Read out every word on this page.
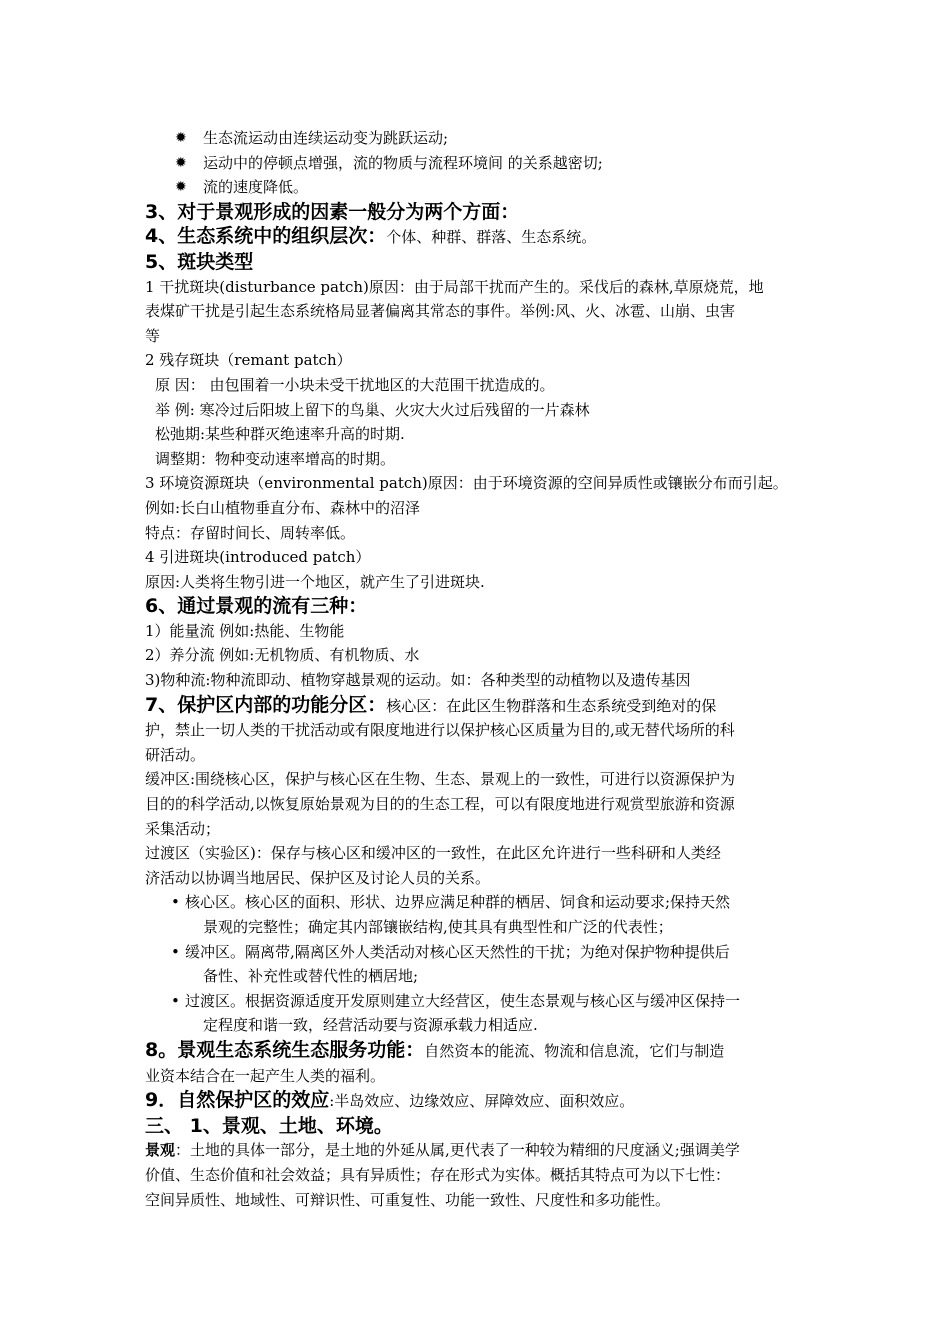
✹	生态流运动由连续运动变为跳跃运动;
✹	运动中的停顿点增强，流的物质与流程环境间 的关系越密切;
✹	流的速度降低。
3、对于景观形成的因素一般分为两个方面：
4、生态系统中的组织层次：个体、种群、群落、生态系统。
5、斑块类型
1 干扰斑块(disturbance patch)原因：由于局部干扰而产生的。采伐后的森林,草原烧荒，地
表煤矿干扰是引起生态系统格局显著偏离其常态的事件。举例:风、火、冰雹、山崩、虫害
等
2 残存斑块（remant patch）
原 因： 由包围着一小块未受干扰地区的大范围干扰造成的。
举 例: 寒冷过后阳坡上留下的鸟巢、火灾大火过后残留的一片森林
松弛期:某些种群灭绝速率升高的时期.
调整期：物种变动速率增高的时期。
3 环境资源斑块（environmental patch)原因：由于环境资源的空间异质性或镶嵌分布而引起。
例如:长白山植物垂直分布、森林中的沼泽
特点：存留时间长、周转率低。
4 引进斑块(introduced patch）
原因:人类将生物引进一个地区，就产生了引进斑块.
6、通过景观的流有三种：
1）能量流 例如:热能、生物能
2）养分流 例如:无机物质、有机物质、水
3)物种流:物种流即动、植物穿越景观的运动。如：各种类型的动植物以及遗传基因
7、保护区内部的功能分区：核心区：在此区生物群落和生态系统受到绝对的保
护，禁止一切人类的干扰活动或有限度地进行以保护核心区质量为目的,或无替代场所的科
研活动。
缓冲区:围绕核心区，保护与核心区在生物、生态、景观上的一致性，可进行以资源保护为
目的的科学活动,以恢复原始景观为目的的生态工程，可以有限度地进行观赏型旅游和资源
采集活动；
过渡区（实验区)：保存与核心区和缓冲区的一致性，在此区允许进行一些科研和人类经
济活动以协调当地居民、保护区及讨论人员的关系。
• 核心区。核心区的面积、形状、边界应满足种群的栖居、饲食和运动要求;保持天然
景观的完整性；确定其内部镶嵌结构,使其具有典型性和广泛的代表性；
• 缓冲区。隔离带,隔离区外人类活动对核心区天然性的干扰；为绝对保护物种提供后
备性、补充性或替代性的栖居地;
• 过渡区。根据资源适度开发原则建立大经营区，使生态景观与核心区与缓冲区保持一
定程度和谐一致，经营活动要与资源承载力相适应.
8。景观生态系统生态服务功能：自然资本的能流、物流和信息流，它们与制造
业资本结合在一起产生人类的福利。
9．自然保护区的效应:半岛效应、边缘效应、屏障效应、面积效应。
三、 1、景观、土地、环境。
景观：土地的具体一部分，是土地的外延从属,更代表了一种较为精细的尺度涵义;强调美学
价值、生态价值和社会效益；具有异质性；存在形式为实体。概括其特点可为以下七性：
空间异质性、地域性、可辩识性、可重复性、功能一致性、尺度性和多功能性。
